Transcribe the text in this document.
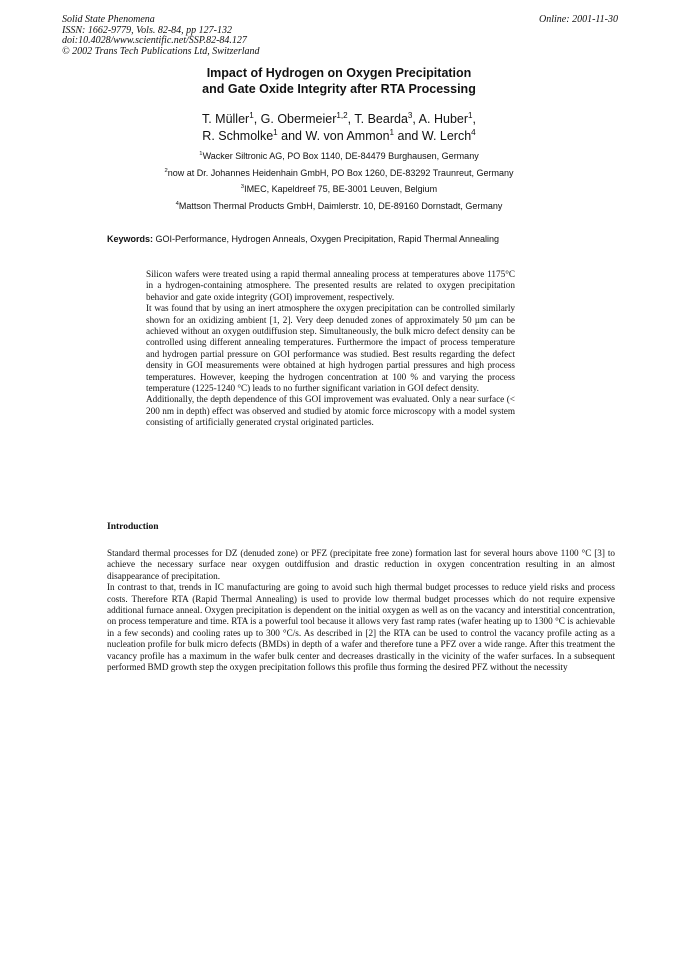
Solid State Phenomena
ISSN: 1662-9779, Vols. 82-84, pp 127-132
doi:10.4028/www.scientific.net/SSP.82-84.127
© 2002 Trans Tech Publications Ltd, Switzerland
Online: 2001-11-30
Impact of Hydrogen on Oxygen Precipitation
and Gate Oxide Integrity after RTA Processing
T. Müller$^1$, G. Obermeier$^{1,2}$, T. Bearda$^3$, A. Huber$^1$,
R. Schmolke$^1$ and W. von Ammon$^1$ and W. Lerch$^4$
$^1$Wacker Siltronic AG, PO Box 1140, DE-84479 Burghausen, Germany
$^2$now at Dr. Johannes Heidenhain GmbH, PO Box 1260, DE-83292 Traunreut, Germany
$^3$IMEC, Kapeldreef 75, BE-3001 Leuven, Belgium
$^4$Mattson Thermal Products GmbH, Daimlerstr. 10, DE-89160 Dornstadt, Germany
Keywords: GOI-Performance, Hydrogen Anneals, Oxygen Precipitation, Rapid Thermal Annealing

Silicon wafers were treated using a rapid thermal annealing process at temperatures above 1175°C in a hydrogen-containing atmosphere. The presented results are related to oxygen precipitation behavior and gate oxide integrity (GOI) improvement, respectively.

It was found that by using an inert atmosphere the oxygen precipitation can be controlled similarly shown for an oxidizing ambient [1, 2]. Very deep denuded zones of approximately 50 µm can be achieved without an oxygen outdiffusion step. Simultaneously, the bulk micro defect density can be controlled using different annealing temperatures. Furthermore the impact of process temperature and hydrogen partial pressure on GOI performance was studied. Best results regarding the defect density in GOI measurements were obtained at high hydrogen partial pressures and high process temperatures. However, keeping the hydrogen concentration at 100 % and varying the process temperature (1225-1240 °C) leads to no further significant variation in GOI defect density.

Additionally, the depth dependence of this GOI improvement was evaluated. Only a near surface (< 200 nm in depth) effect was observed and studied by atomic force microscopy with a model system consisting of artificially generated crystal originated particles.

Introduction

Standard thermal processes for DZ (denuded zone) or PFZ (precipitate free zone) formation last for several hours above 1100 °C [3] to achieve the necessary surface near oxygen outdiffusion and drastic reduction in oxygen concentration resulting in an almost disappearance of precipitation.

In contrast to that, trends in IC manufacturing are going to avoid such high thermal budget processes to reduce yield risks and process costs. Therefore RTA (Rapid Thermal Annealing) is used to provide low thermal budget processes which do not require expensive additional furnace anneal. Oxygen precipitation is dependent on the initial oxygen as well as on the vacancy and interstitial concentration, on process temperature and time. RTA is a powerful tool because it allows very fast ramp rates (wafer heating up to 1300 °C is achievable in a few seconds) and cooling rates up to 300 °C/s. As described in [2] the RTA can be used to control the vacancy profile acting as a nucleation profile for bulk micro defects (BMDs) in depth of a wafer and therefore tune a PFZ over a wide range. After this treatment the vacancy profile has a maximum in the wafer bulk center and decreases drastically in the vicinity of the wafer surfaces. In a subsequent performed BMD growth step the oxygen precipitation follows this profile thus forming the desired PFZ without the necessity
